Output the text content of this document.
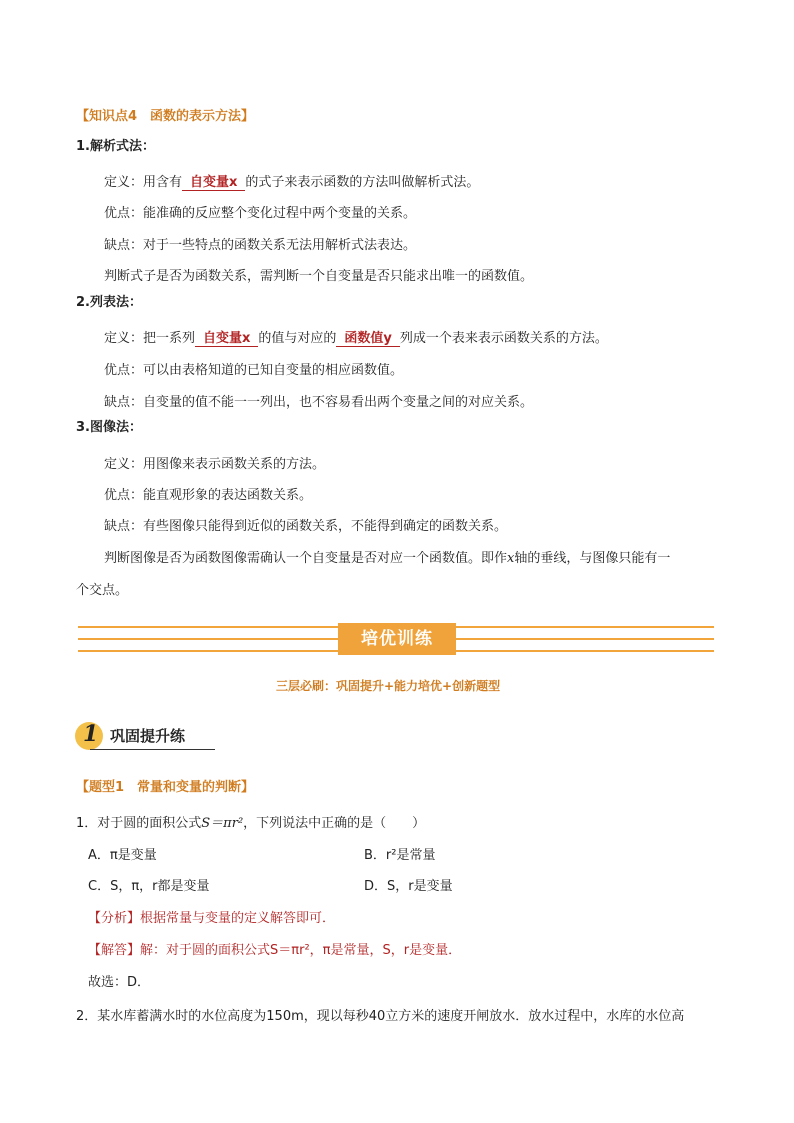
【知识点4　函数的表示方法】
1.解析式法：
定义：用含有 自变量x 的式子来表示函数的方法叫做解析式法。
优点：能准确的反应整个变化过程中两个变量的关系。
缺点：对于一些特点的函数关系无法用解析式法表达。
判断式子是否为函数关系，需判断一个自变量是否只能求出唯一的函数值。
2.列表法：
定义：把一系列 自变量x 的值与对应的 函数值y 列成一个表来表示函数关系的方法。
优点：可以由表格知道的已知自变量的相应函数值。
缺点：自变量的值不能一一列出，也不容易看出两个变量之间的对应关系。
3.图像法：
定义：用图像来表示函数关系的方法。
优点：能直观形象的表达函数关系。
缺点：有些图像只能得到近似的函数关系，不能得到确定的函数关系。
判断图像是否为函数图像需确认一个自变量是否对应一个函数值。即作x轴的垂线，与图像只能有一
个交点。
培优训练
三层必刷：巩固提升+能力培优+创新题型
1 巩固提升练
【题型1　常量和变量的判断】
1．对于圆的面积公式S＝πr²，下列说法中正确的是（　　）
A．π是变量	B．r²是常量
C．S，π，r都是变量	D．S，r是变量
【分析】根据常量与变量的定义解答即可．
【解答】解：对于圆的面积公式S＝πr²，π是常量，S，r是变量．
故选：D．
2．某水库蓄满水时的水位高度为150m，现以每秒40立方米的速度开闸放水．放水过程中，水库的水位高
